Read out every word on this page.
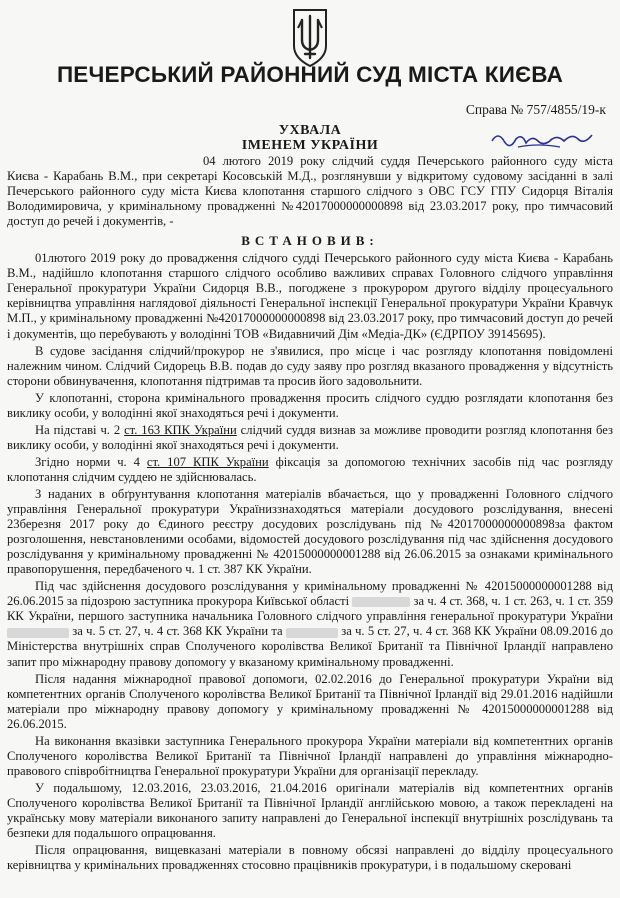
ПЕЧЕРСЬКИЙ РАЙОННИЙ СУД МІСТА КИЄВА
Справа № 757/4855/19-к
УХВАЛА
ІМЕНЕМ УКРАЇНИ

04 лютого 2019 року слідчий суддя Печерського районного суду міста Києва - Карабань В.М., при секретарі Косовській М.Д., розглянувши у відкритому судовому засіданні в залі Печерського районного суду міста Києва клопотання старшого слідчого з ОВС ГСУ ГПУ Сидорця Віталія Володимировича, у кримінальному провадженні №42017000000000898 від 23.03.2017 року, про тимчасовий доступ до речей і документів, -

ВСТАНОВИВ:

01лютого 2019 року до провадження слідчого судді Печерського районного суду міста Києва - Карабань В.М., надійшло клопотання старшого слідчого особливо важливих справах Головного слідчого управління Генеральної прокуратури України Сидорця В.В., погоджене з прокурором другого відділу процесуального керівництва управління наглядової діяльності Генеральної інспекції Генеральної прокуратури України Кравчук М.П., у кримінальному провадженні №42017000000000898 від 23.03.2017 року, про тимчасовий доступ до речей і документів, що перебувають у володінні ТОВ «Видавничий Дім «Медіа-ДК» (ЄДРПОУ 39145695).

В судове засідання слідчий/прокурор не з'явилися, про місце і час розгляду клопотання повідомлені належним чином. Слідчий Сидорець В.В. подав до суду заяву про розгляд вказаного провадження у відсутність сторони обвинувачення, клопотання підтримав та просив його задовольнити.

У клопотанні, сторона кримінального провадження просить слідчого суддю розглядати клопотання без виклику особи, у володінні якої знаходяться речі і документи.

На підставі ч. 2 ст. 163 КПК України слідчий суддя визнав за можливе проводити розгляд клопотання без виклику особи, у володінні якої знаходяться речі і документи.

Згідно норми ч. 4 ст. 107 КПК України фіксація за допомогою технічних засобів під час розгляду клопотання слідчим суддею не здійснювалась.

З наданих в обґрунтування клопотання матеріалів вбачається, що у провадженні Головного слідчого управління Генеральної прокуратури Україниззнаходяться матеріали досудового розслідування, внесені 23березня 2017 року до Єдиного реєстру досудових розслідувань під №42017000000000898за фактом розголошення, невстановленими особами, відомостей досудового розслідування під час здійснення досудового розслідування у кримінальному провадженні № 42015000000001288 від 26.06.2015 за ознаками кримінального правопорушення, передбаченого ч. 1 ст. 387 КК України.

Під час здійснення досудового розслідування у кримінальному провадженні № 42015000000001288 від 26.06.2015 за підозрою заступника прокурора Київської області	за ч. 4 ст. 368, ч. 1 ст. 263, ч. 1 ст. 359 КК України, першого заступника начальника Головного слідчого управління генеральної прокуратури України  за ч. 5 ст. 27, ч. 4 ст. 368 КК України та	за ч. 5 ст. 27, ч. 4 ст. 368 КК України 08.09.2016 до Міністерства внутрішніх справ Сполученого королівства Великої Британії та Північної Ірландії направлено запит про міжнародну правову допомогу у вказаному кримінальному провадженні.

Після надання міжнародної правової допомоги, 02.02.2016 до Генеральної прокуратури України від компетентних органів Сполученого королівства Великої Британії та Північної Ірландії від 29.01.2016 надійшли матеріали про міжнародну правову допомогу у кримінальному провадженні № 42015000000001288 від 26.06.2015.

На виконання вказівки заступника Генерального прокурора України матеріали від компетентних органів Сполученого королівства Великої Британії та Північної Ірландії направлені до управління міжнародно-правового співробітництва Генеральної прокуратури України для організації перекладу.

У подальшому, 12.03.2016, 23.03.2016, 21.04.2016 оригінали матеріалів від компетентних органів Сполученого королівства Великої Британії та Північної Ірландії англійською мовою, а також перекладені на українську мову матеріали виконаного запиту направлені до Генеральної інспекції внутрішніх розслідувань та безпеки для подальшого опрацювання.

Після опрацювання, вищевказані матеріали в повному обсязі направлені до відділу процесуального керівництва у кримінальних провадженнях стосовно працівників прокуратури, і в подальшому скеровані
